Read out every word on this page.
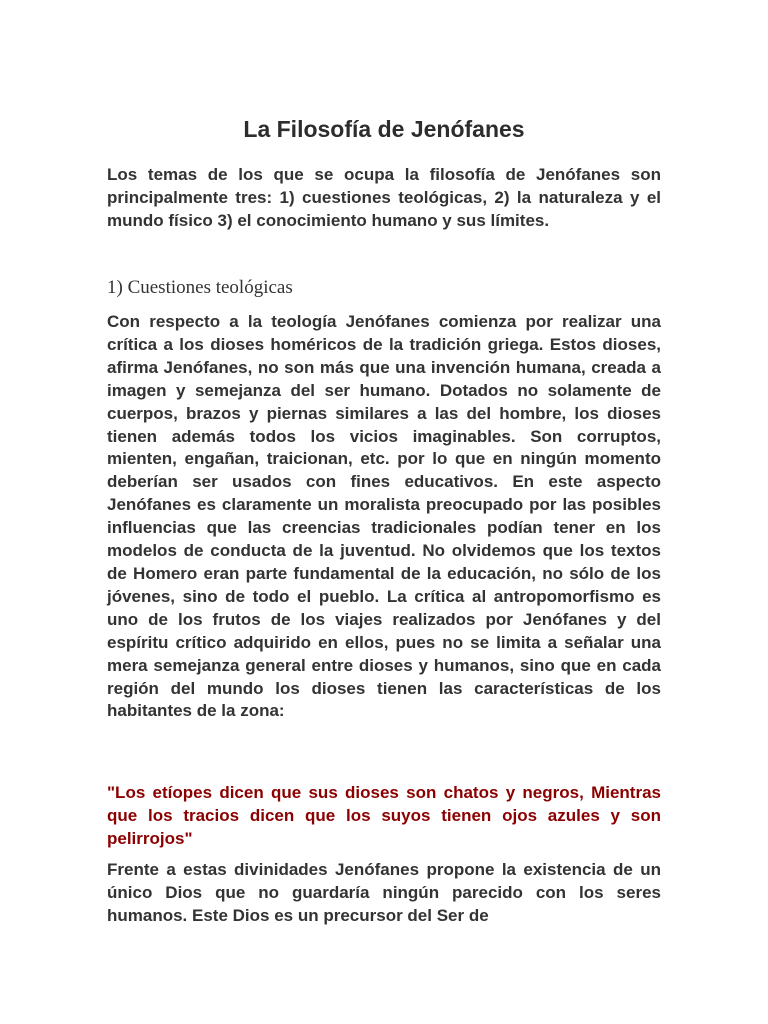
La Filosofía de Jenófanes

Los temas de los que se ocupa la filosofía de Jenófanes son principalmente tres: 1) cuestiones teológicas, 2) la naturaleza y el mundo físico 3) el conocimiento humano y sus límites.

1) Cuestiones teológicas

Con respecto a la teología Jenófanes comienza por realizar una crítica a los dioses homéricos de la tradición griega. Estos dioses, afirma Jenófanes, no son más que una invención humana, creada a imagen y semejanza del ser humano. Dotados no solamente de cuerpos, brazos y piernas similares a las del hombre, los dioses tienen además todos los vicios imaginables. Son corruptos, mienten, engañan, traicionan, etc. por lo que en ningún momento deberían ser usados con fines educativos. En este aspecto Jenófanes es claramente un moralista preocupado por las posibles influencias que las creencias tradicionales podían tener en los modelos de conducta de la juventud. No olvidemos que los textos de Homero eran parte fundamental de la educación, no sólo de los jóvenes, sino de todo el pueblo. La crítica al antropomorfismo es uno de los frutos de los viajes realizados por Jenófanes y del espíritu crítico adquirido en ellos, pues no se limita a señalar una mera semejanza general entre dioses y humanos, sino que en cada región del mundo los dioses tienen las características de los habitantes de la zona:

"Los etíopes dicen que sus dioses son chatos y negros, Mientras que los tracios dicen que los suyos tienen ojos azules y son pelirrojos"

Frente a estas divinidades Jenófanes propone la existencia de un único Dios que no guardaría ningún parecido con los seres humanos. Este Dios es un precursor del Ser de
